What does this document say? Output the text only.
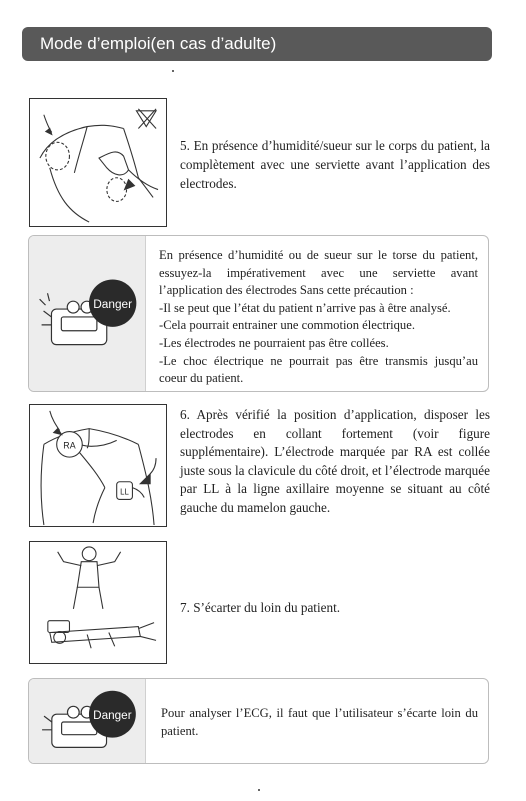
Mode d’emploi(en cas d’adulte)
5. En présence d’humidité/sueur sur le corps du patient, la complètement avec une serviette avant l’application des electrodes.
Danger
En présence d’humidité ou de sueur sur le torse du patient, essuyez-la impérativement avec une serviette avant l’application des électrodes Sans cette précaution :
-Il se peut que l’état du patient n’arrive pas à être analysé.
-Cela pourrait entrainer une commotion électrique.
-Les électrodes ne pourraient pas être collées.
-Le choc électrique ne pourrait pas être transmis jusqu’au coeur du patient.
RA
LL
6. Après vérifié la position d’application, disposer les electrodes en collant fortement (voir figure supplémentaire). L’électrode marquée par RA est collée juste sous la clavicule du côté droit, et l’électrode marquée par LL à la ligne axillaire moyenne se situant au côté gauche du mamelon gauche.
7. S’écarter du loin du patient.
Danger Pour analyser l’ECG, il faut que l’utilisateur s’écarte loin du patient.
